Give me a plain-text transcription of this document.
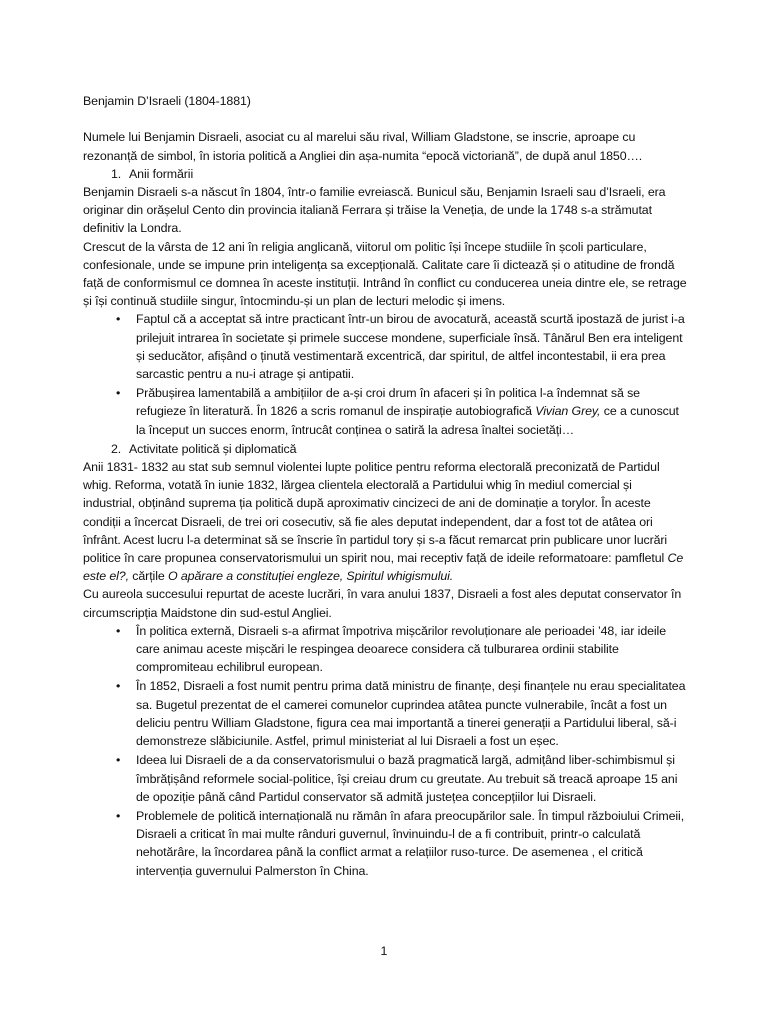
Benjamin D’Israeli (1804-1881)

Numele lui Benjamin Disraeli, asociat cu al marelui său rival, William Gladstone, se inscrie, aproape cu rezonanță de simbol, în istoria politică a Angliei din așa-numita “epocă victoriană”, de după anul 1850….

1. Anii formării

Benjamin Disraeli s-a născut în 1804, într-o familie evreiască. Bunicul său, Benjamin Israeli sau d’Israeli, era originar din orășelul Cento din provincia italiană Ferrara și trăise la Veneția, de unde la 1748 s-a strămutat definitiv la Londra.

Crescut de la vârsta de 12 ani în religia anglicană, viitorul om politic își începe studiile în școli particulare, confesionale, unde se impune prin inteligența sa excepțională. Calitate care îi dictează și o atitudine de frondă față de conformismul ce domnea în aceste instituții. Intrând în conflict cu conducerea uneia dintre ele, se retrage și își continuă studiile singur, întocmindu-și un plan de lecturi melodic și imens.

• Faptul că a acceptat să intre practicant într-un birou de avocatură, această scurtă ipostază de jurist i-a prilejuit intrarea în societate și primele succese mondene, superficiale însă. Tânărul Ben era inteligent și seducător, afișând o ținută vestimentară excentrică, dar spiritul, de altfel incontestabil, ii era prea sarcastic pentru a nu-i atrage și antipatii.
• Prăbușirea lamentabilă a ambițiilor de a-și croi drum în afaceri și în politica l-a îndemnat să se refugieze în literatură. În 1826 a scris romanul de inspirație autobiografică Vivian Grey, ce a cunoscut la început un succes enorm, întrucât conținea o satiră la adresa înaltei societăți…

2. Activitate politică și diplomatică

Anii 1831- 1832 au stat sub semnul violentei lupte politice pentru reforma electorală preconizată de Partidul whig. Reforma, votată în iunie 1832, lărgea clientela electorală a Partidului whig în mediul comercial și industrial, obținând suprema ția politică după aproximativ cincizeci de ani de dominație a torylor. În aceste condiții a încercat Disraeli, de trei ori cosecutiv, să fie ales deputat independent, dar a fost tot de atâtea ori înfrânt. Acest lucru l-a determinat să se înscrie în partidul tory și s-a făcut remarcat prin publicare unor lucrări politice în care propunea conservatorismului un spirit nou, mai receptiv față de ideile reformatoare: pamfletul Ce este el?, cărțile O apărare a constituției engleze, Spiritul whigismului.

Cu aureola succesului repurtat de aceste lucrări, în vara anului 1837, Disraeli a fost ales deputat conservator în circumscripția Maidstone din sud-estul Angliei.

• În politica externă, Disraeli s-a afirmat împotriva mișcărilor revoluționare ale perioadei ’48, iar ideile care animau aceste mișcări le respingea deoarece considera că tulburarea ordinii stabilite compromiteau echilibrul european.
• În 1852, Disraeli a fost numit pentru prima dată ministru de finanțe, deși finanțele nu erau specialitatea sa. Bugetul prezentat de el camerei comunelor cuprindea atâtea puncte vulnerabile, încât a fost un deliciu pentru William Gladstone, figura cea mai importantă a tinerei generații a Partidului liberal, să-i demonstreze slăbiciunile. Astfel, primul ministeriat al lui Disraeli a fost un eșec.
• Ideea lui Disraeli de a da conservatorismului o bază pragmatică largă, admițând liber-schimbismul și îmbrățișând reformele social-politice, își creiau drum cu greutate. Au trebuit să treacă aproape 15 ani de opoziție până când Partidul conservator să admită justețea concepțiilor lui Disraeli.
• Problemele de politică internațională nu rămân în afara preocupărilor sale. În timpul războiului Crimeii, Disraeli a criticat în mai multe rânduri guvernul, învinuindu-l de a fi contribuit, printr-o calculată nehotărâre, la încordarea până la conflict armat a relațiilor ruso-turce. De asemenea , el critică intervenția guvernului Palmerston în China.
1
